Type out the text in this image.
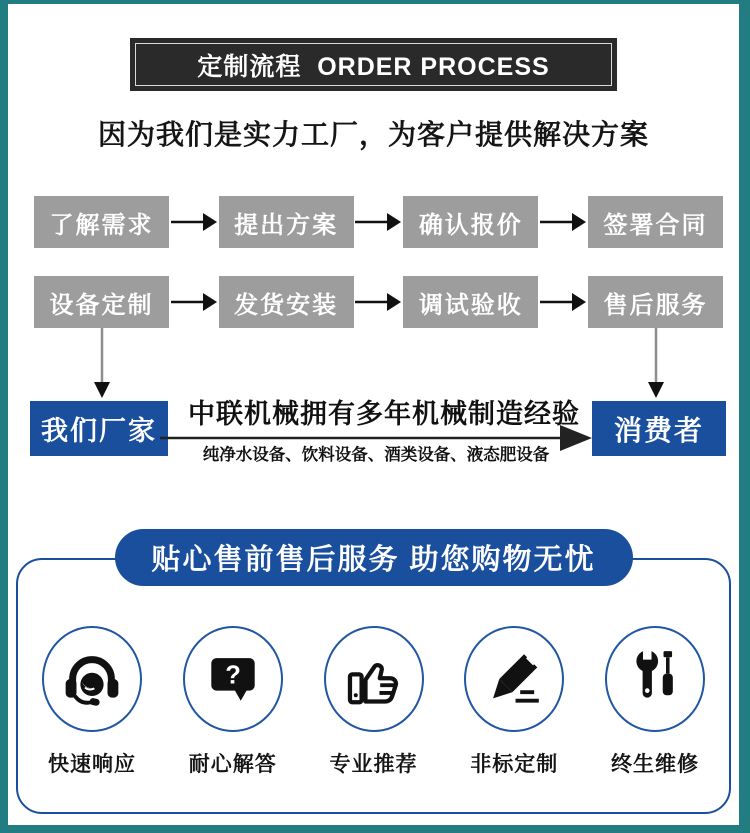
定制流程  ORDER PROCESS
因为我们是实力工厂，为客户提供解决方案
了解需求	提出方案	确认报价	签署合同
设备定制	发货安装	调试验收	售后服务
我们厂家
中联机械拥有多年机械制造经验
纯净水设备、饮料设备、酒类设备、液态肥设备
消费者
贴心售前售后服务 助您购物无忧
快速响应
?
耐心解答	专业推荐	非标定制	终生维修
